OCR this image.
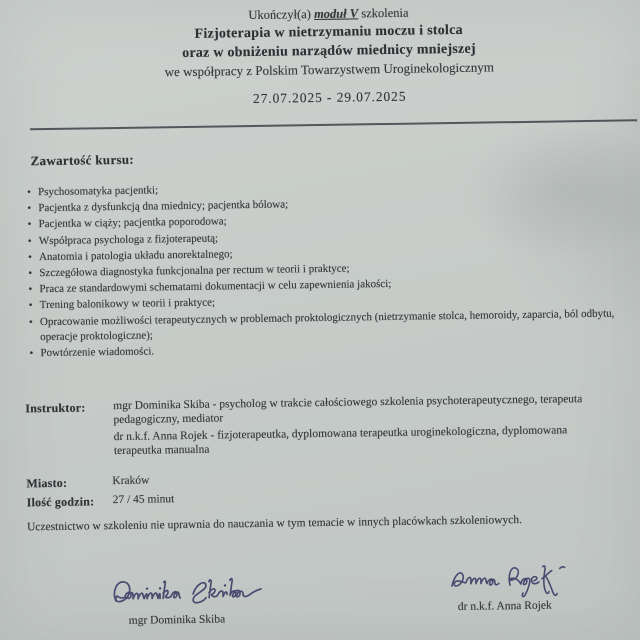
Ukończył(a) moduł V szkolenia
Fizjoterapia w nietrzymaniu moczu i stolca
oraz w obniżeniu narządów miednicy mniejszej
we współpracy z Polskim Towarzystwem Uroginekologicznym
27.07.2025 - 29.07.2025
Zawartość kursu:
• Psychosomatyka pacjentki;
• Pacjentka z dysfunkcją dna miednicy; pacjentka bólowa;
• Pacjentka w ciąży; pacjentka poporodowa;
• Współpraca psychologa z fizjoterapeutą;
• Anatomia i patologia układu anorektalnego;
• Szczegółowa diagnostyka funkcjonalna per rectum w teorii i praktyce;
• Praca ze standardowymi schematami dokumentacji w celu zapewnienia jakości;
• Trening balonikowy w teorii i praktyce;
• Opracowanie możliwości terapeutycznych w problemach proktologicznych (nietrzymanie stolca, hemoroidy, zaparcia, ból odbytu, operacje proktologiczne);
• Powtórzenie wiadomości.
Instruktor: mgr Dominika Skiba - psycholog w trakcie całościowego szkolenia psychoterapeutycznego, terapeuta
pedagogiczny, mediator
dr n.k.f. Anna Rojek - fizjoterapeutka, dyplomowana terapeutka uroginekologiczna, dyplomowana
terapeutka manualna
Miasto:	Kraków
Ilość godzin: 27 / 45 minut
Uczestnictwo w szkoleniu nie uprawnia do nauczania w tym temacie w innych placówkach szkoleniowych.
mgr Dominika Skiba
dr n.k.f. Anna Rojek
